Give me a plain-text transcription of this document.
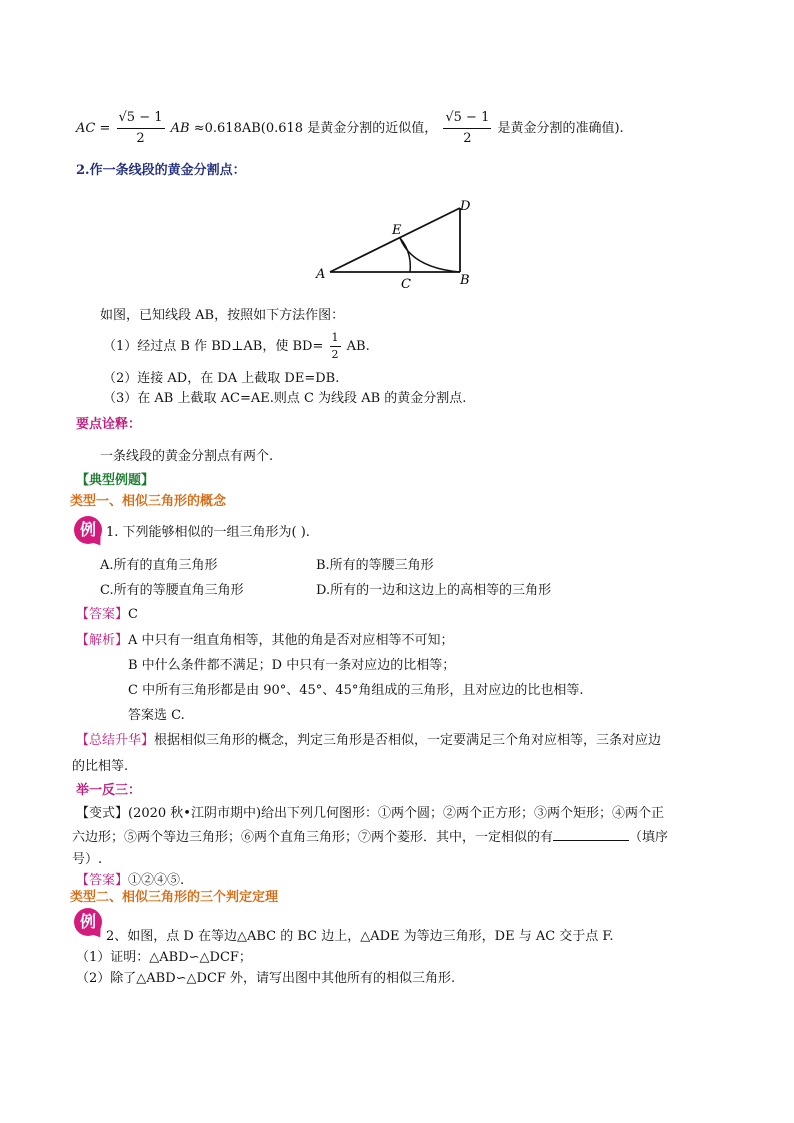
AC = $\frac{√5 - 1}{2}$ AB ≈0.618AB(0.618 是黄金分割的近似值， $\frac{√5 - 1}{2}$ 是黄金分割的准确值).
2.作一条线段的黄金分割点：
A	B
C
D
E
如图，已知线段 AB，按照如下方法作图：
（1）经过点 B 作 BD⊥AB，使 $BD= \frac{1}{2}$ AB.
（2）连接 AD，在 DA 上截取 DE=DB.
（3）在 AB 上截取 AC=AE.则点 C 为线段 AB 的黄金分割点.
要点诠释：
一条线段的黄金分割点有两个.
【典型例题】
类型一、相似三角形的概念
例 1. 下列能够相似的一组三角形为( ).
A.所有的直角三角形	B.所有的等腰三角形
C.所有的等腰直角三角形	D.所有的一边和这边上的高相等的三角形
【答案】C
【解析】A 中只有一组直角相等，其他的角是否对应相等不可知；
B 中什么条件都不满足；D 中只有一条对应边的比相等；
C 中所有三角形都是由 90°、45°、45°角组成的三角形，且对应边的比也相等.
答案选 C.
【总结升华】根据相似三角形的概念，判定三角形是否相似，一定要满足三个角对应相等，三条对应边
的比相等.
举一反三：
【变式】(2020 秋•江阴市期中)给出下列几何图形：①两个圆；②两个正方形；③两个矩形；④两个正
六边形；⑤两个等边三角形；⑥两个直角三角形；⑦两个菱形．其中，一定相似的有	（填序
号）.
【答案】①②④⑤.
类型二、相似三角形的三个判定定理
例
2、如图，点 D 在等边△ABC 的 BC 边上，△ADE 为等边三角形，DE 与 AC 交于点 F.
（1）证明：△ABD∽△DCF；
（2）除了△ABD∽△DCF 外，请写出图中其他所有的相似三角形.
